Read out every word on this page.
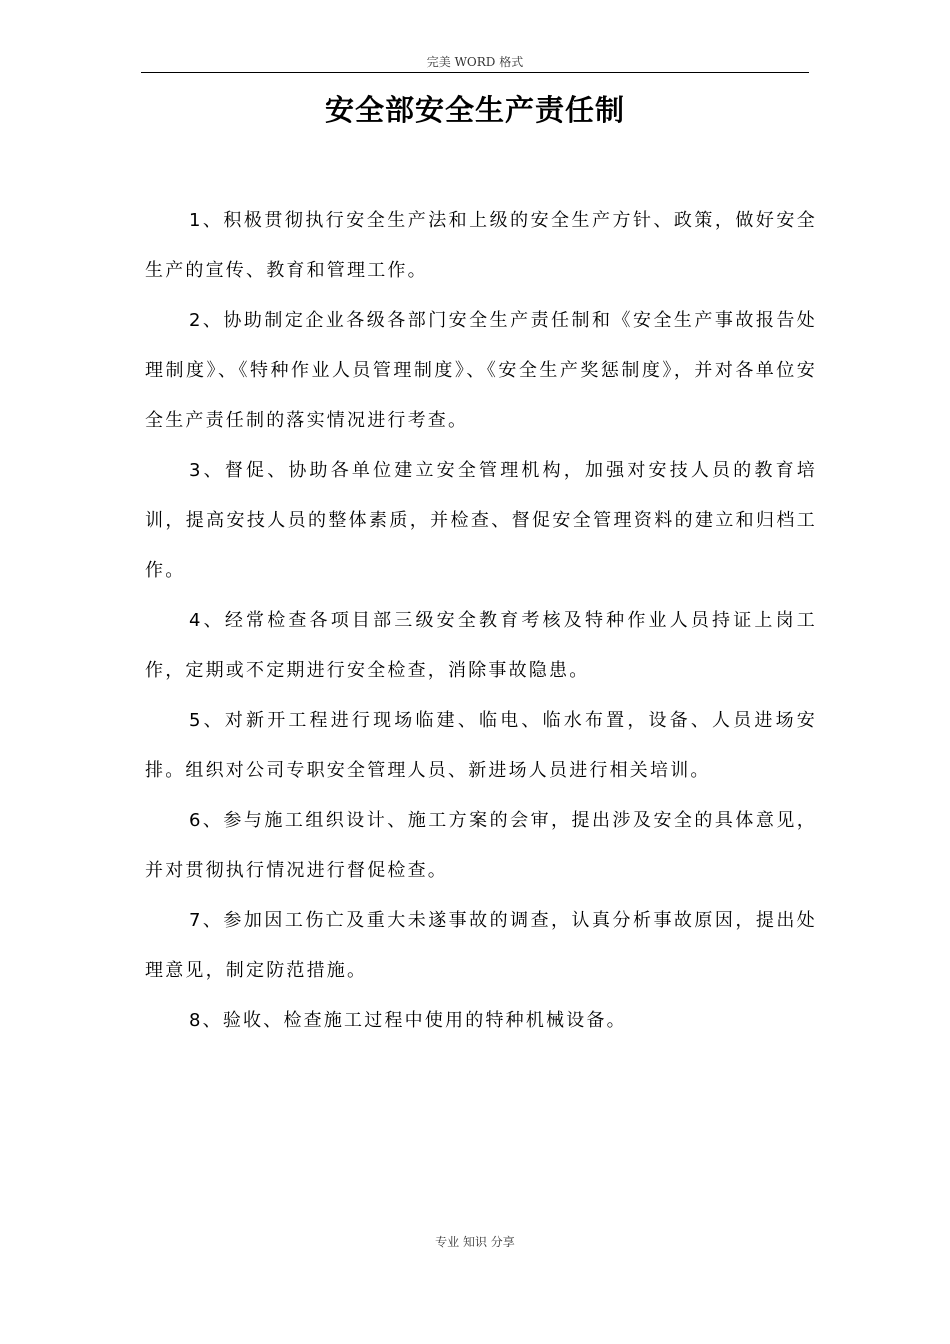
完美 WORD 格式
安全部安全生产责任制

1、积极贯彻执行安全生产法和上级的安全生产方针、政策，做好安全生产的宣传、教育和管理工作。

2、协助制定企业各级各部门安全生产责任制和《安全生产事故报告处理制度》、《特种作业人员管理制度》、《安全生产奖惩制度》，并对各单位安全生产责任制的落实情况进行考查。

3、督促、协助各单位建立安全管理机构，加强对安技人员的教育培训，提高安技人员的整体素质，并检查、督促安全管理资料的建立和归档工作。

4、经常检查各项目部三级安全教育考核及特种作业人员持证上岗工作，定期或不定期进行安全检查，消除事故隐患。

5、对新开工程进行现场临建、临电、临水布置，设备、人员进场安排。组织对公司专职安全管理人员、新进场人员进行相关培训。

6、参与施工组织设计、施工方案的会审，提出涉及安全的具体意见，并对贯彻执行情况进行督促检查。

7、参加因工伤亡及重大未遂事故的调查，认真分析事故原因，提出处理意见，制定防范措施。

8、验收、检查施工过程中使用的特种机械设备。

专业 知识 分享
